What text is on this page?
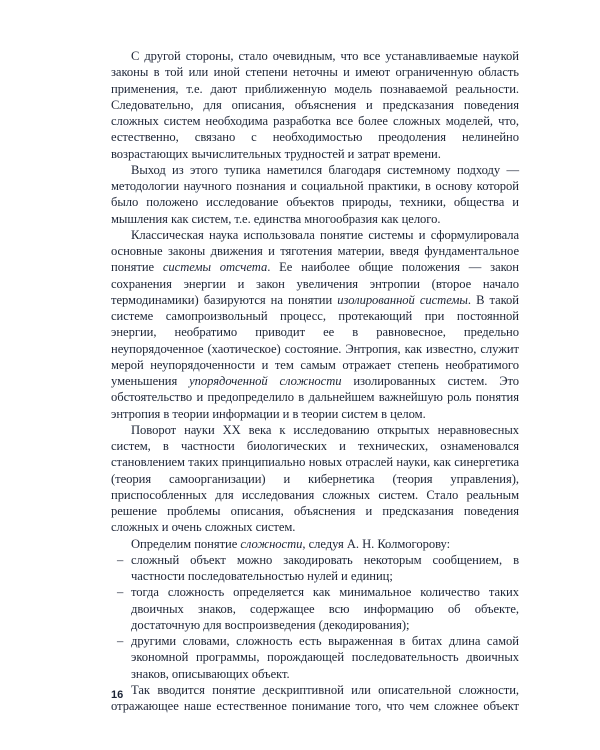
С другой стороны, стало очевидным, что все устанавливаемые наукой законы в той или иной степени неточны и имеют ограниченную область применения, т.е. дают приближенную модель познаваемой реальности. Следовательно, для описания, объяснения и предсказания поведения сложных систем необходима разработка все более сложных моделей, что, естественно, связано с необходимостью преодоления нелинейно возрастающих вычислительных трудностей и затрат времени.

Выход из этого тупика наметился благодаря системному подходу — методологии научного познания и социальной практики, в основу которой было положено исследование объектов природы, техники, общества и мышления как систем, т.е. единства многообразия как целого.

Классическая наука использовала понятие системы и сформулировала основные законы движения и тяготения материи, введя фундаментальное понятие системы отсчета. Ее наиболее общие положения — закон сохранения энергии и закон увеличения энтропии (второе начало термодинамики) базируются на понятии изолированной системы. В такой системе самопроизвольный процесс, протекающий при постоянной энергии, необратимо приводит ее в равновесное, предельно неупорядоченное (хаотическое) состояние. Энтропия, как известно, служит мерой неупорядоченности и тем самым отражает степень необратимого уменьшения упорядоченной сложности изолированных систем. Это обстоятельство и предопределило в дальнейшем важнейшую роль понятия энтропия в теории информации и в теории систем в целом.

Поворот науки XX века к исследованию открытых неравновесных систем, в частности биологических и технических, ознаменовался становлением таких принципиально новых отраслей науки, как синергетика (теория самоорганизации) и кибернетика (теория управления), приспособленных для исследования сложных систем. Стало реальным решение проблемы описания, объяснения и предсказания поведения сложных и очень сложных систем.

Определим понятие сложности, следуя А. Н. Колмогорову:

– сложный объект можно закодировать некоторым сообщением, в частности последовательностью нулей и единиц;
– тогда сложность определяется как минимальное количество таких двоичных знаков, содержащее всю информацию об объекте, достаточную для воспроизведения (декодирования);
– другими словами, сложность есть выраженная в битах длина самой экономной программы, порождающей последовательность двоичных знаков, описывающих объект.

Так вводится понятие дескриптивной или описательной сложности, отражающее наше естественное понимание того, что чем сложнее объект

16
